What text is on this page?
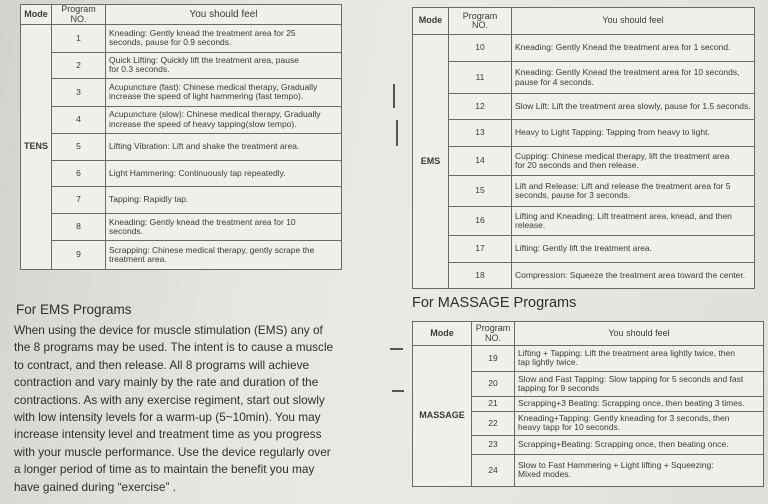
Mode	Program
NO.	You should feel
TENS	1	Kneading: Gently knead the treatment area for 25
seconds, pause for 0.9 seconds.

	2	Quick Lifting: Quickly lift the treatment area, pause
for 0.3 seconds.

	3	Acupuncture (fast): Chinese medical therapy, Gradually
increase the speed of light hammering (fast tempo).

	4	Acupuncture (slow): Chinese medical therapy, Gradually
increase the speed of heavy tapping(slow tempo).

	5	Lifting Vibration: Lift and shake the treatment area.

	6	Light Hammering: Continuously tap repeatedly.

	7	Tapping: Rapidly tap.

	8	Kneading: Gently knead the treatment area for 10
seconds.

	9	Scrapping: Chinese medical therapy, gently scrape the
treatment area.
Mode	Program
NO.	You should feel
EMS	10	Kneading: Gently Knead the treatment area for 1 second.

	11	Kneading: Gently Knead the treatment area for 10 seconds,
pause for 4 seconds.

	12	Slow Lift: Lift the treatment area slowly, pause for 1.5 seconds.

	13	Heavy to Light Tapping: Tapping from heavy to light.

	14	Cupping: Chinese medical therapy, lift the treatment area
for 20 seconds and then release.

	15	Lift and Release: Lift and release the treatment area for 5
seconds, pause for 3 seconds.

	16	Lifting and Kneading: Lift treatment area, knead, and then
release.

	17	Lifting: Gently lift the treatment area.

	18	Compression: Squeeze the treatment area toward the center.
For EMS Programs
When using the device for muscle stimulation (EMS) any of
the 8 programs may be used. The intent is to cause a muscle
to contract, and then release. All 8 programs will achieve
contraction and vary mainly by the rate and duration of the
contractions. As with any exercise regiment, start out slowly
with low intensity levels for a warm-up (5~10min). You may
increase intensity level and treatment time as you progress
with your muscle performance. Use the device regularly over
a longer period of time as to maintain the benefit you may
have gained during “exercise” .
For MASSAGE Programs
Mode	Program
NO.	You should feel
MASSAGE	19	Lifting + Tapping: Lift the treatment area lightly twice, then
tap lightly twice.

	20	Slow and Fast Tapping: Slow tapping for 5 seconds and fast
tapping for 9 seconds

	21	Scrapping+3 Beating: Scrapping once, then beating 3 times.

	22	Kneading+Tapping: Gently kneading for 3 seconds, then
heavy tapp for 10 seconds.

	23	Scrapping+Beating: Scrapping once, then beating once.

	24	Slow to Fast Hammering + Light lifting + Squeezing:
Mixed modes.
